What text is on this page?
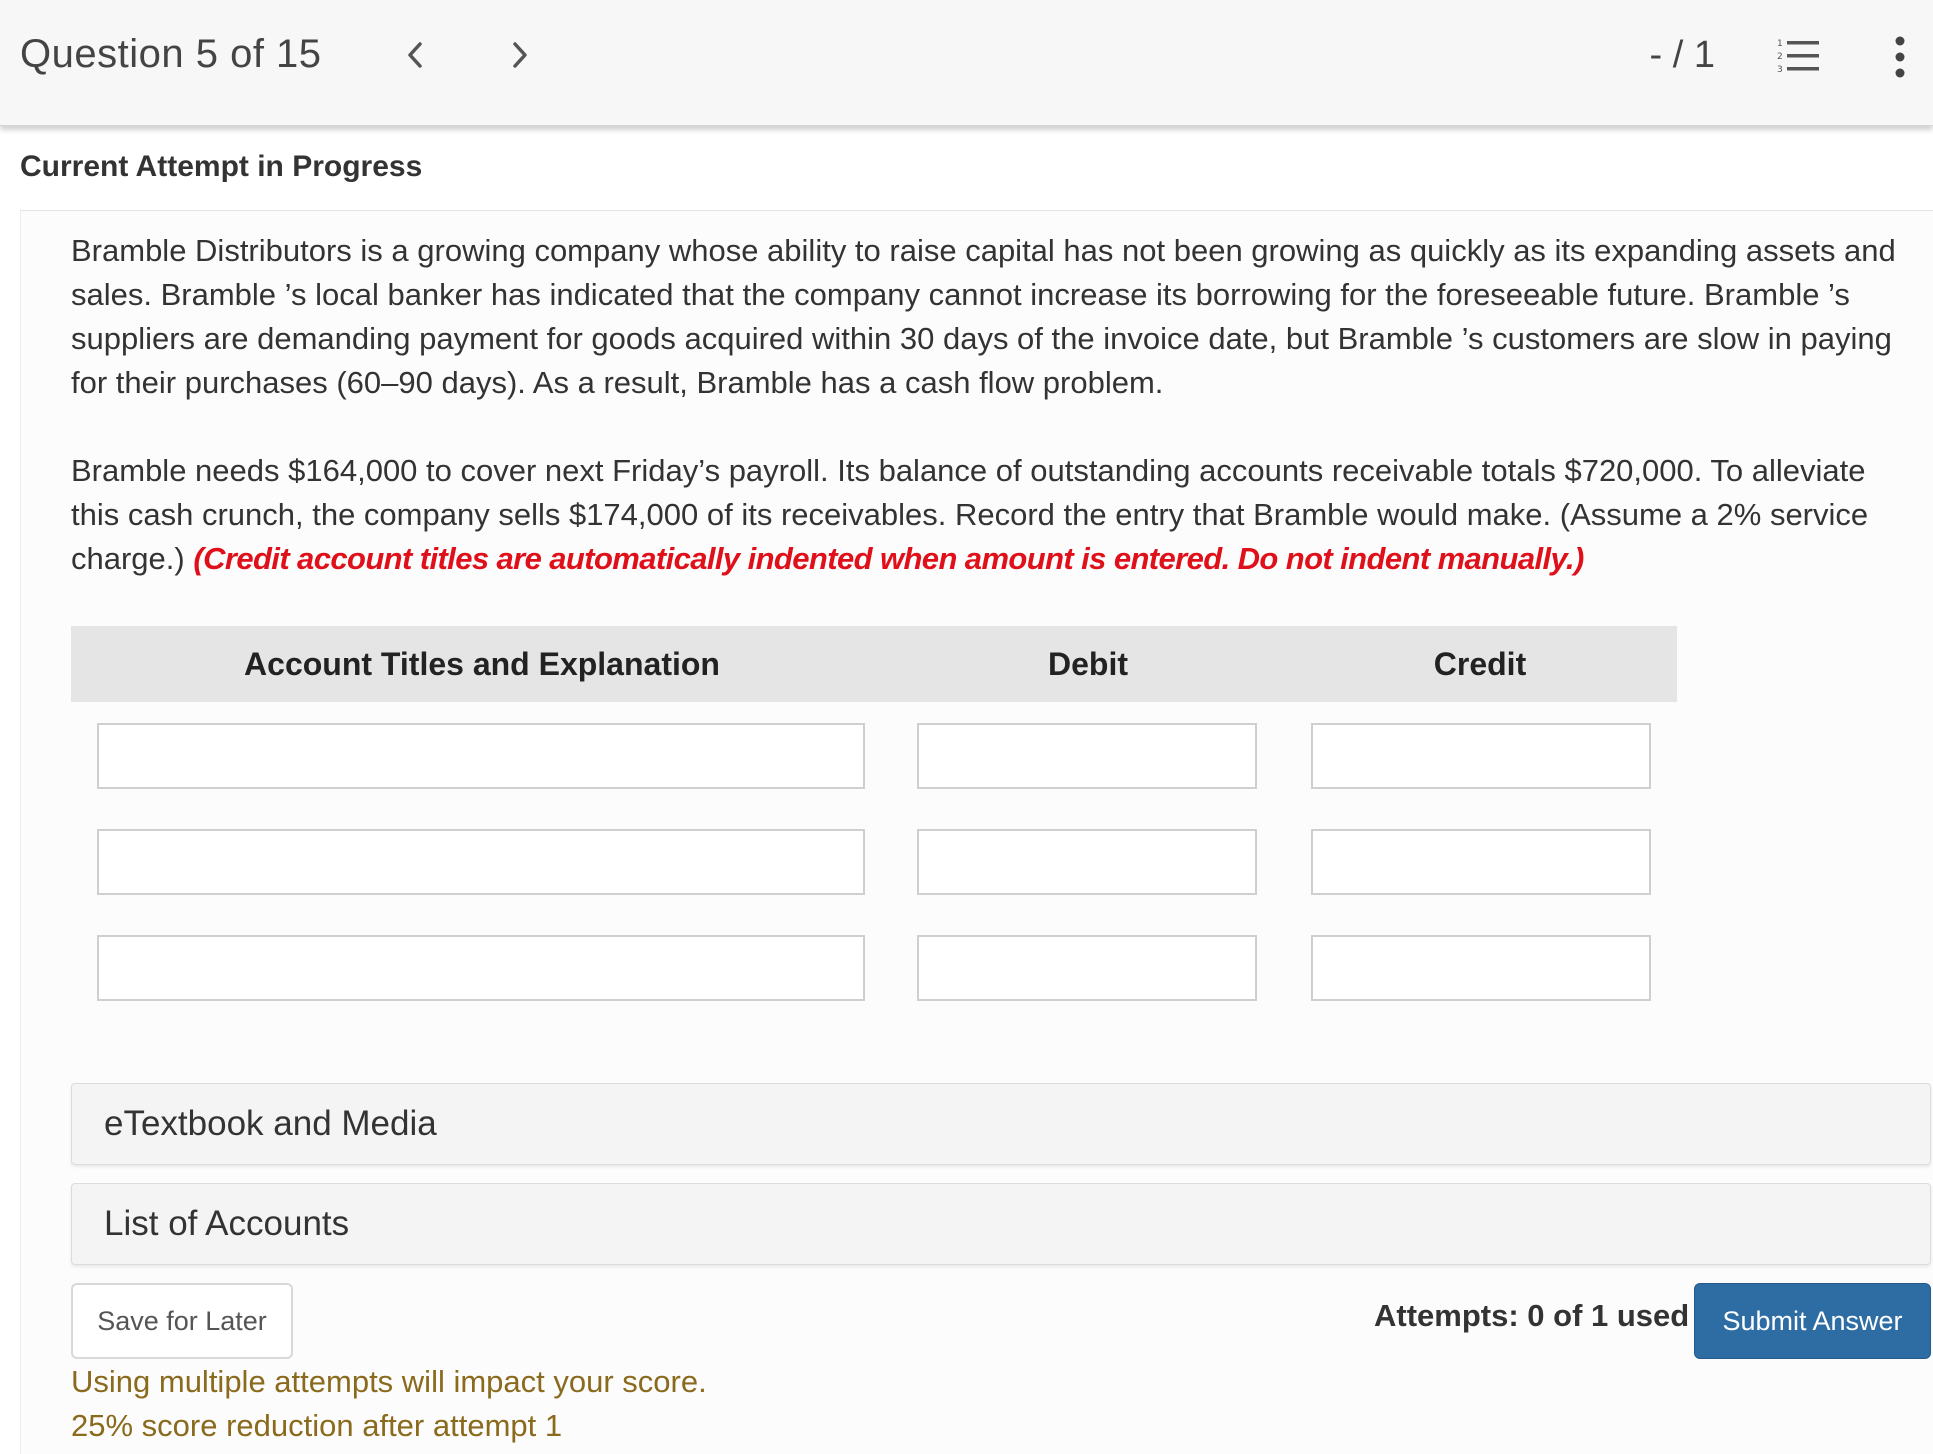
Question 5 of 15	- / 1	1
2
3
Current Attempt in Progress

Bramble Distributors is a growing company whose ability to raise capital has not been growing as quickly as its expanding assets and sales. Bramble ’s local banker has indicated that the company cannot increase its borrowing for the foreseeable future. Bramble ’s suppliers are demanding payment for goods acquired within 30 days of the invoice date, but Bramble ’s customers are slow in paying for their purchases (60–90 days). As a result, Bramble has a cash flow problem.

Bramble needs $164,000 to cover next Friday’s payroll. Its balance of outstanding accounts receivable totals $720,000. To alleviate this cash crunch, the company sells $174,000 of its receivables. Record the entry that Bramble would make. (Assume a 2% service charge.) (Credit account titles are automatically indented when amount is entered. Do not indent manually.)

Account Titles and Explanation	Debit	Credit
eTextbook and Media
List of Accounts
Save for Later
Using multiple attempts will impact your score.
25% score reduction after attempt 1
Attempts: 0 of 1 used	Submit Answer
